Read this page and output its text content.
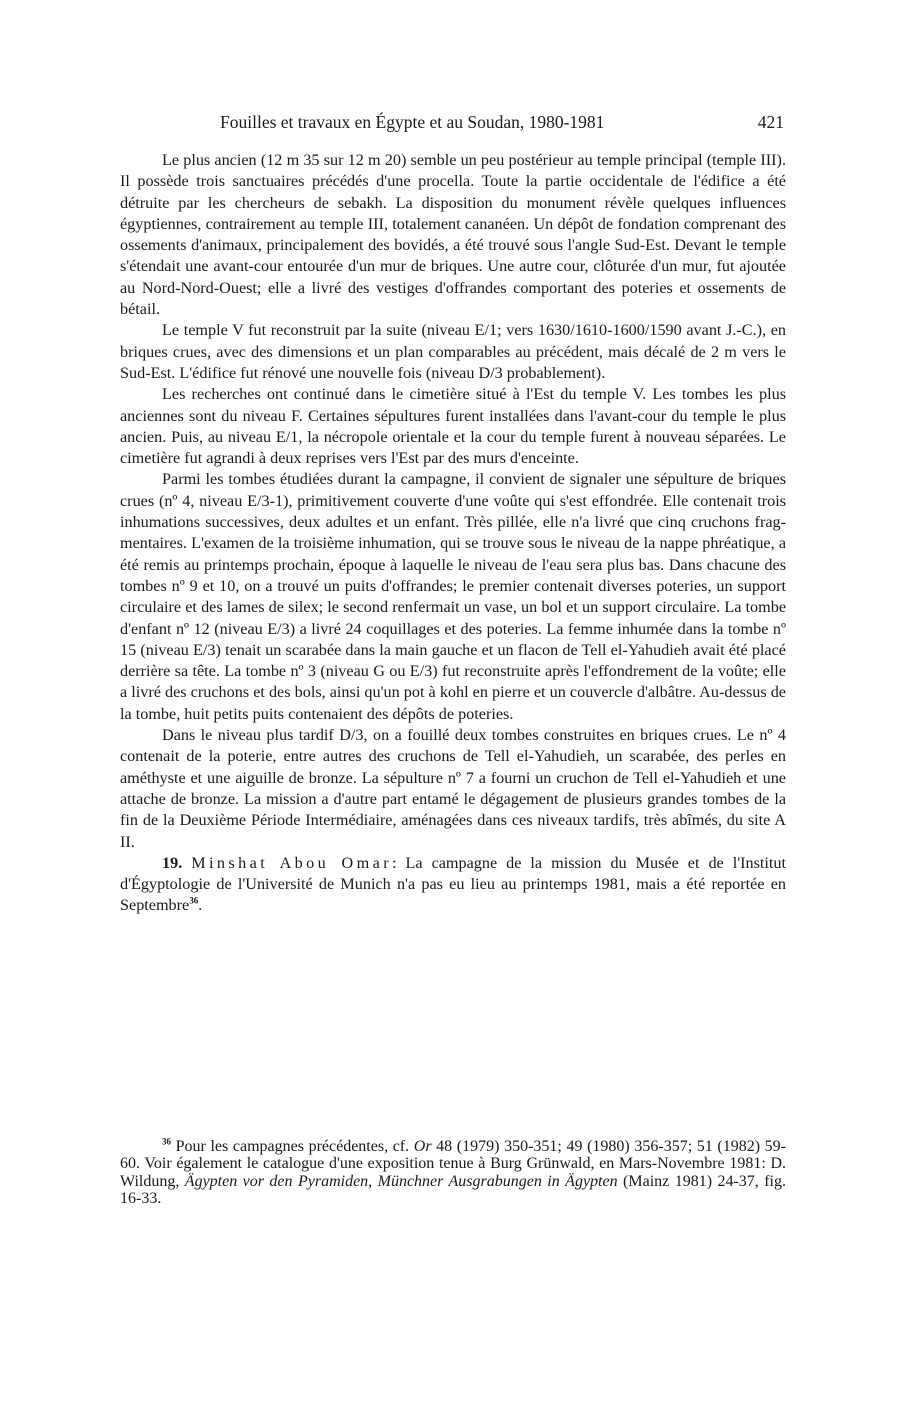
Fouilles et travaux en Égypte et au Soudan, 1980-1981	421

Le plus ancien (12 m 35 sur 12 m 20) semble un peu postérieur au temple principal (temple III). Il possède trois sanctuaires précédés d'une procella. Toute la partie occidentale de l'édifice a été détruite par les chercheurs de sebakh. La disposition du monument révèle quelques influences égyptiennes, contrairement au temple III, totalement cananéen. Un dépôt de fondation comprenant des ossements d'animaux, principalement des bovidés, a été trouvé sous l'angle Sud-Est. Devant le temple s'étendait une avant-cour entourée d'un mur de briques. Une autre cour, clôturée d'un mur, fut ajoutée au Nord-Nord-Ouest; elle a livré des vestiges d'offrandes comportant des poteries et ossements de bétail.

Le temple V fut reconstruit par la suite (niveau E/1; vers 1630/1610-1600/1590 avant J.-C.), en briques crues, avec des dimensions et un plan comparables au précédent, mais décalé de 2 m vers le Sud-Est. L'édifice fut rénové une nouvelle fois (niveau D/3 probablement).

Les recherches ont continué dans le cimetière situé à l'Est du temple V. Les tombes les plus anciennes sont du niveau F. Certaines sépultures furent installées dans l'avant-cour du temple le plus ancien. Puis, au niveau E/1, la nécropole orientale et la cour du temple furent à nouveau séparées. Le cimetière fut agrandi à deux reprises vers l'Est par des murs d'enceinte.

Parmi les tombes étudiées durant la campagne, il convient de signaler une sépulture de briques crues (nº 4, niveau E/3-1), primitivement couverte d'une voûte qui s'est effondrée. Elle contenait trois inhumations successives, deux adultes et un enfant. Très pillée, elle n'a livré que cinq cruchons fragmentaires. L'examen de la troisième inhumation, qui se trouve sous le niveau de la nappe phréatique, a été remis au printemps prochain, époque à laquelle le niveau de l'eau sera plus bas. Dans chacune des tombes nº 9 et 10, on a trouvé un puits d'offrandes; le premier contenait diverses poteries, un support circulaire et des lames de silex; le second renfermait un vase, un bol et un support circulaire. La tombe d'enfant nº 12 (niveau E/3) a livré 24 coquillages et des poteries. La femme inhumée dans la tombe nº 15 (niveau E/3) tenait un scarabée dans la main gauche et un flacon de Tell el-Yahudieh avait été placé derrière sa tête. La tombe nº 3 (niveau G ou E/3) fut reconstruite après l'effondrement de la voûte; elle a livré des cruchons et des bols, ainsi qu'un pot à kohl en pierre et un couvercle d'albâtre. Au-dessus de la tombe, huit petits puits contenaient des dépôts de poteries.

Dans le niveau plus tardif D/3, on a fouillé deux tombes construites en briques crues. Le nº 4 contenait de la poterie, entre autres des cruchons de Tell el-Yahudieh, un scarabée, des perles en améthyste et une aiguille de bronze. La sépulture nº 7 a fourni un cruchon de Tell el-Yahudieh et une attache de bronze. La mission a d'autre part entamé le dégagement de plusieurs grandes tombes de la fin de la Deuxième Période Intermédiaire, aménagées dans ces niveaux tardifs, très abîmés, du site A II.

19. Minshat Abou Omar: La campagne de la mission du Musée et de l'Institut d'Égyptologie de l'Université de Munich n'a pas eu lieu au printemps 1981, mais a été reportée en Septembre$^{36}$.

$^{36}$ Pour les campagnes précédentes, cf. Or 48 (1979) 350-351; 49 (1980) 356-357; 51 (1982) 59-60. Voir également le catalogue d'une exposition tenue à Burg Grünwald, en Mars-Novembre 1981: D. Wildung, Ägypten vor den Pyramiden, Münchner Ausgrabungen in Ägypten (Mainz 1981) 24-37, fig. 16-33.
